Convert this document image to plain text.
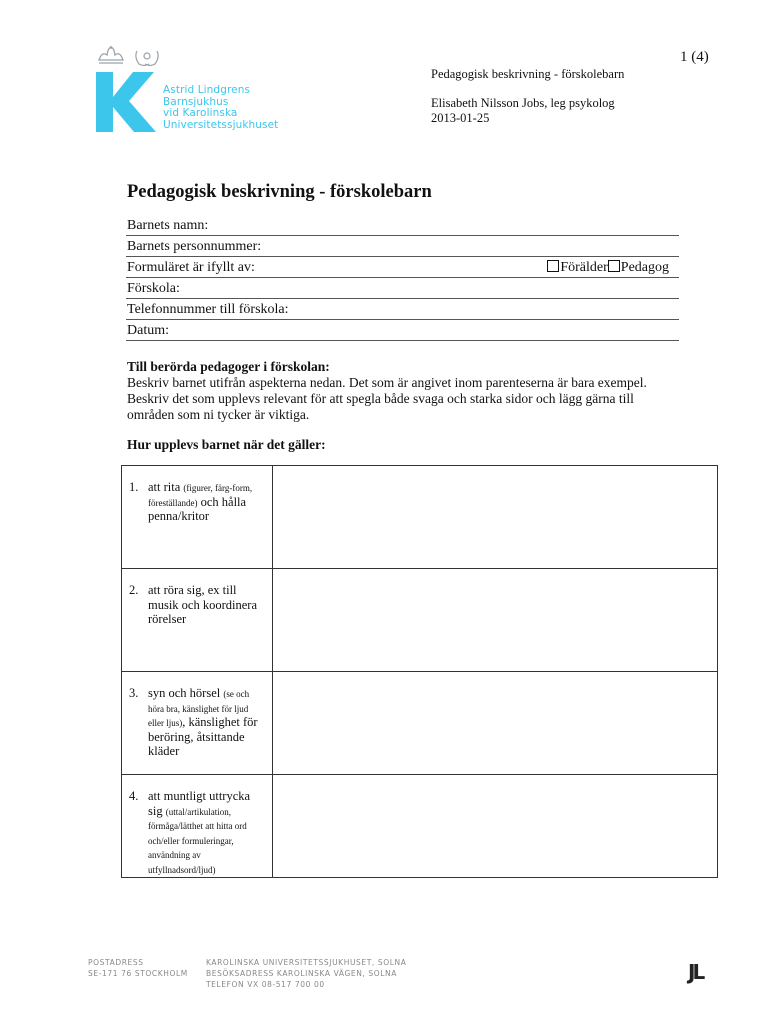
1 (4)
Pedagogisk beskrivning - förskolebarn
Elisabeth Nilsson Jobs, leg psykolog
2013-01-25
Astrid Lindgrens
Barnsjukhus
vid Karolinska
Universitetssjukhuset
Pedagogisk beskrivning - förskolebarn
Barnets namn:
Barnets personnummer:
Formuläret är ifyllt av:	Förälder Pedagog
Förskola:
Telefonnummer till förskola:
Datum:
Till berörda pedagoger i förskolan:
Beskriv barnet utifrån aspekterna nedan. Det som är angivet inom parenteserna är bara exempel.
Beskriv det som upplevs relevant för att spegla både svaga och starka sidor och lägg gärna till
områden som ni tycker är viktiga.
Hur upplevs barnet när det gäller:
1. att rita (figurer, färg-form, föreställande) och hålla penna/kritor	

2. att röra sig, ex till musik och koordinera rörelser	

3. syn och hörsel (se och höra bra, känslighet för ljud eller ljus), känslighet för beröring, åtsittande kläder	

4. att muntligt uttrycka sig (uttal/artikulation, förmåga/lätthet att hitta ord och/eller formuleringar, användning av utfyllnadsord/ljud)	

POSTADRESS
SE-171 76 STOCKHOLM
KAROLINSKA UNIVERSITETSSJUKHUSET, SOLNA
BESÖKSADRESS KAROLINSKA VÄGEN, SOLNA
TELEFON VX 08-517 700 00
JL
